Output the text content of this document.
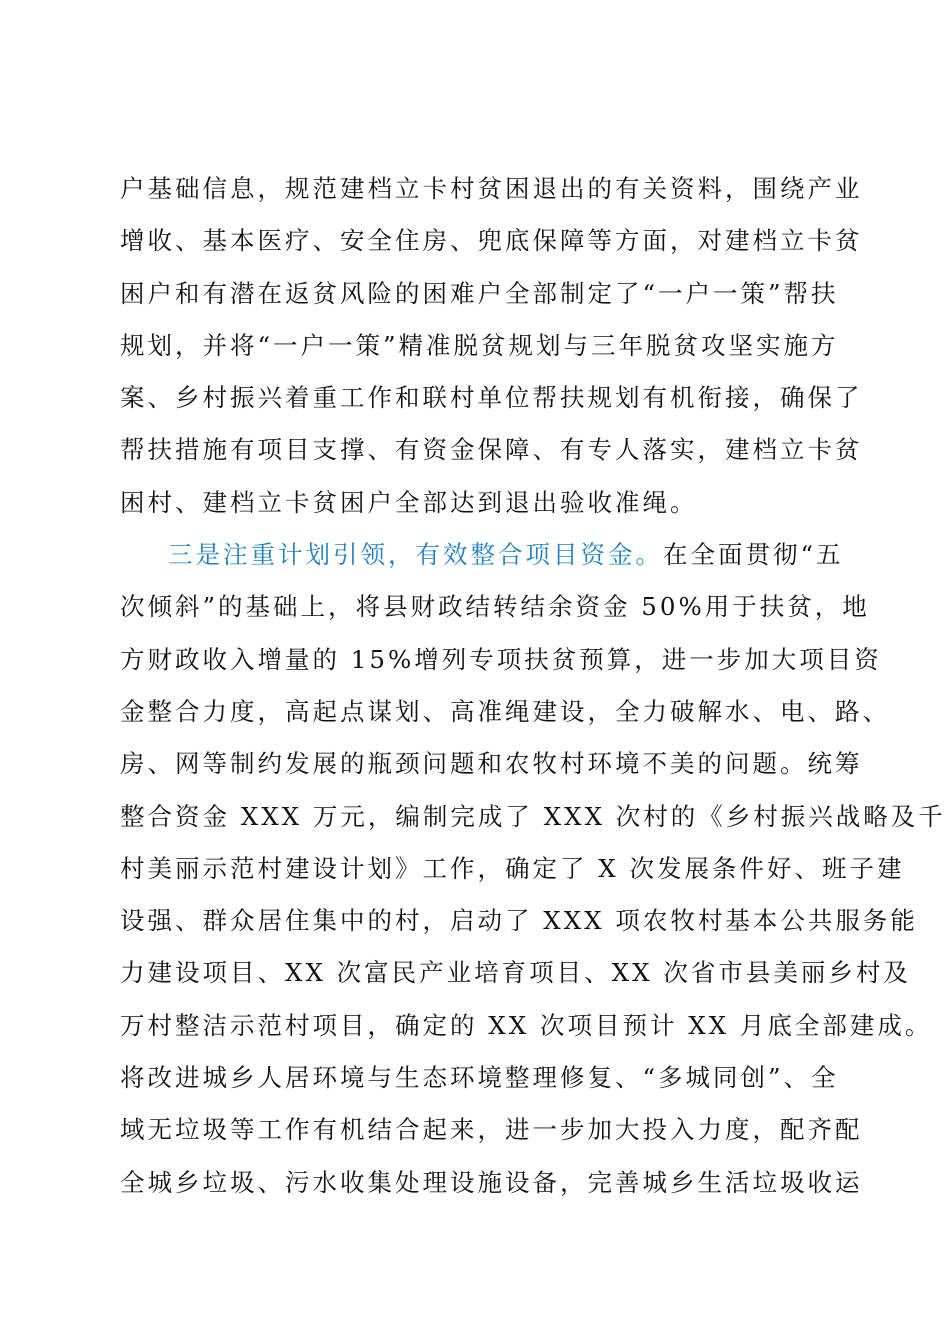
户基础信息，规范建档立卡村贫困退出的有关资料，围绕产业
增收、基本医疗、安全住房、兜底保障等方面，对建档立卡贫
困户和有潜在返贫风险的困难户全部制定了“一户一策”帮扶
规划，并将“一户一策”精准脱贫规划与三年脱贫攻坚实施方
案、乡村振兴着重工作和联村单位帮扶规划有机衔接，确保了
帮扶措施有项目支撑、有资金保障、有专人落实，建档立卡贫
困村、建档立卡贫困户全部达到退出验收准绳。
三是注重计划引领，有效整合项目资金。在全面贯彻“五
次倾斜”的基础上，将县财政结转结余资金 50%用于扶贫，地
方财政收入增量的 15%增列专项扶贫预算，进一步加大项目资
金整合力度，高起点谋划、高准绳建设，全力破解水、电、路、
房、网等制约发展的瓶颈问题和农牧村环境不美的问题。统筹
整合资金 XXX 万元，编制完成了 XXX 次村的《乡村振兴战略及千
村美丽示范村建设计划》工作，确定了 X 次发展条件好、班子建
设强、群众居住集中的村，启动了 XXX 项农牧村基本公共服务能
力建设项目、XX 次富民产业培育项目、XX 次省市县美丽乡村及
万村整洁示范村项目，确定的 XX 次项目预计 XX 月底全部建成。
将改进城乡人居环境与生态环境整理修复、“多城同创”、全
域无垃圾等工作有机结合起来，进一步加大投入力度，配齐配
全城乡垃圾、污水收集处理设施设备，完善城乡生活垃圾收运
